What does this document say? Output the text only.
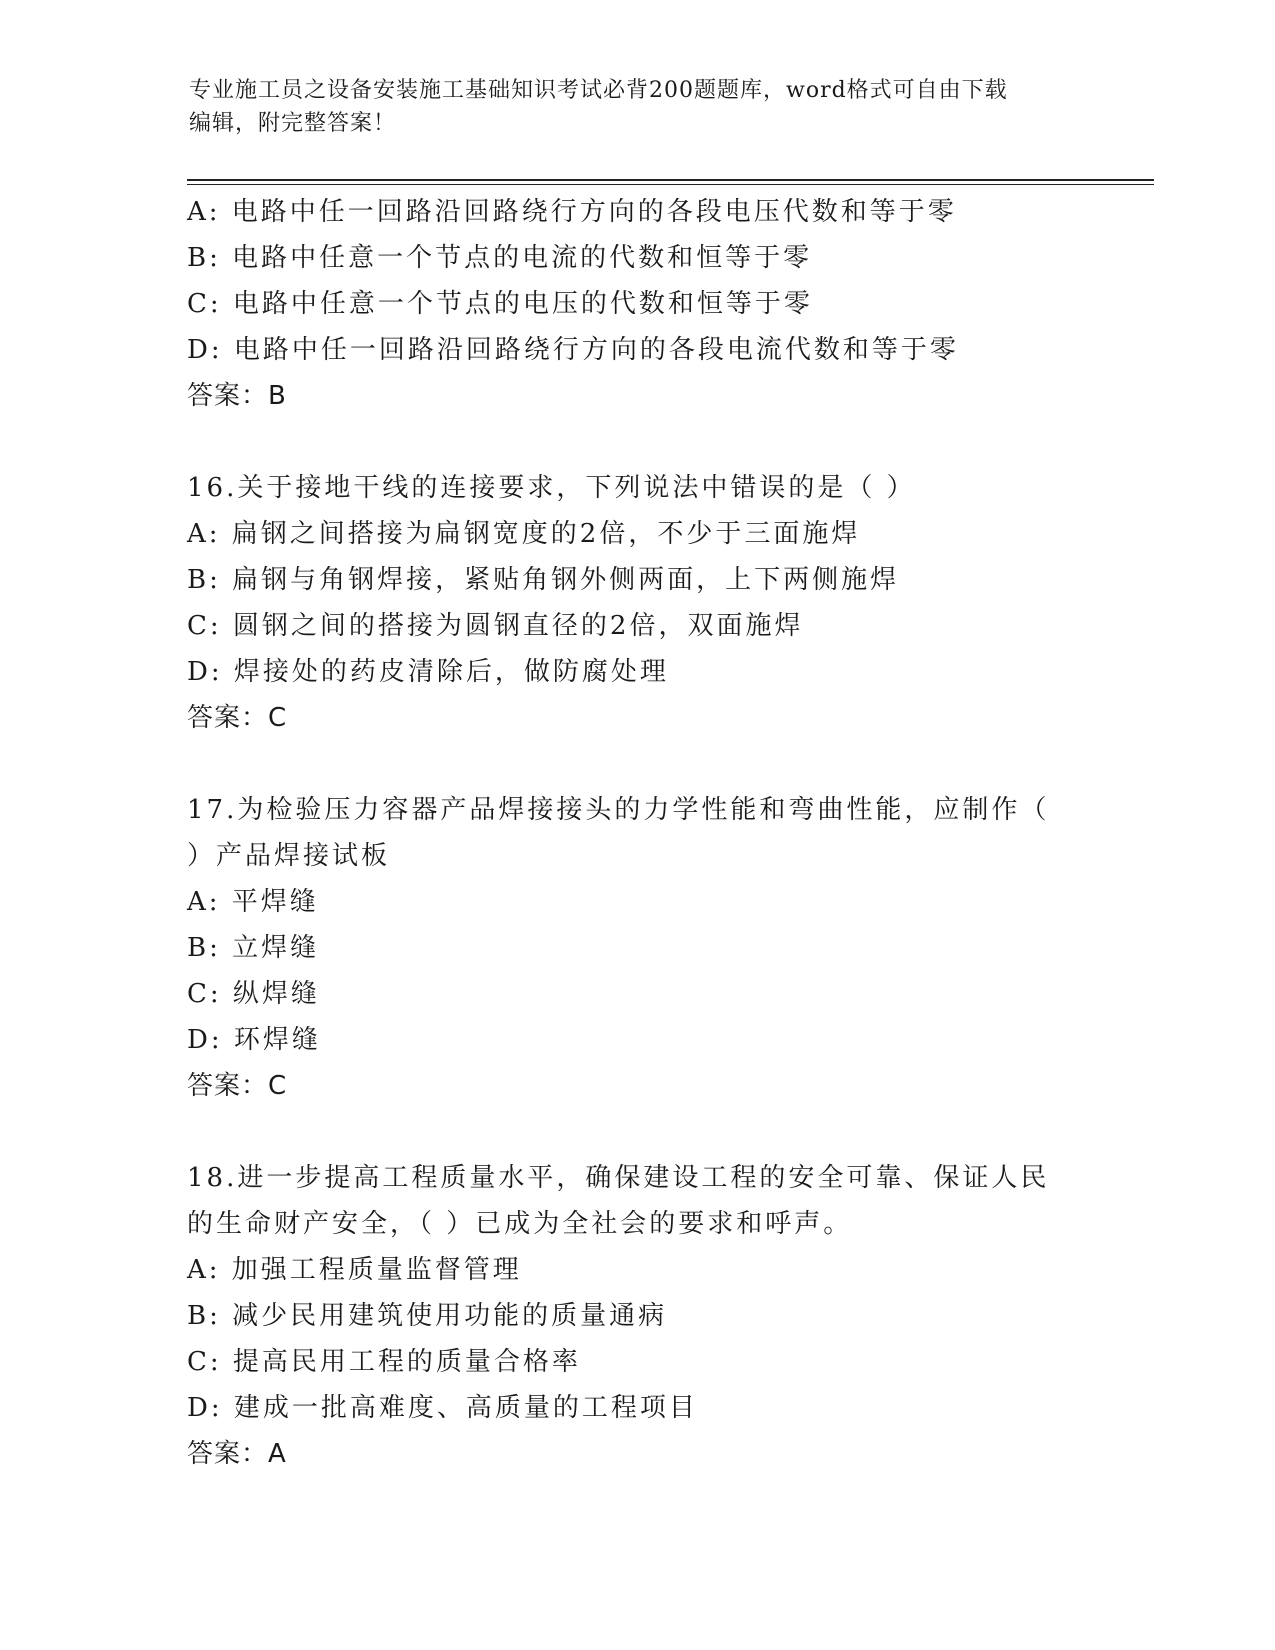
专业施工员之设备安装施工基础知识考试必背200题题库，word格式可自由下载
编辑，附完整答案！
A: 电路中任一回路沿回路绕行方向的各段电压代数和等于零
B: 电路中任意一个节点的电流的代数和恒等于零
C: 电路中任意一个节点的电压的代数和恒等于零
D: 电路中任一回路沿回路绕行方向的各段电流代数和等于零
答案：B
16.关于接地干线的连接要求，下列说法中错误的是（ ）
A: 扁钢之间搭接为扁钢宽度的2倍，不少于三面施焊
B: 扁钢与角钢焊接，紧贴角钢外侧两面，上下两侧施焊
C: 圆钢之间的搭接为圆钢直径的2倍，双面施焊
D: 焊接处的药皮清除后，做防腐处理
答案：C
17.为检验压力容器产品焊接接头的力学性能和弯曲性能，应制作（ ）产品焊接试板
A: 平焊缝
B: 立焊缝
C: 纵焊缝
D: 环焊缝
答案：C
18.进一步提高工程质量水平，确保建设工程的安全可靠、保证人民的生命财产安全，（ ）已成为全社会的要求和呼声。
A: 加强工程质量监督管理
B: 减少民用建筑使用功能的质量通病
C: 提高民用工程的质量合格率
D: 建成一批高难度、高质量的工程项目
答案：A
